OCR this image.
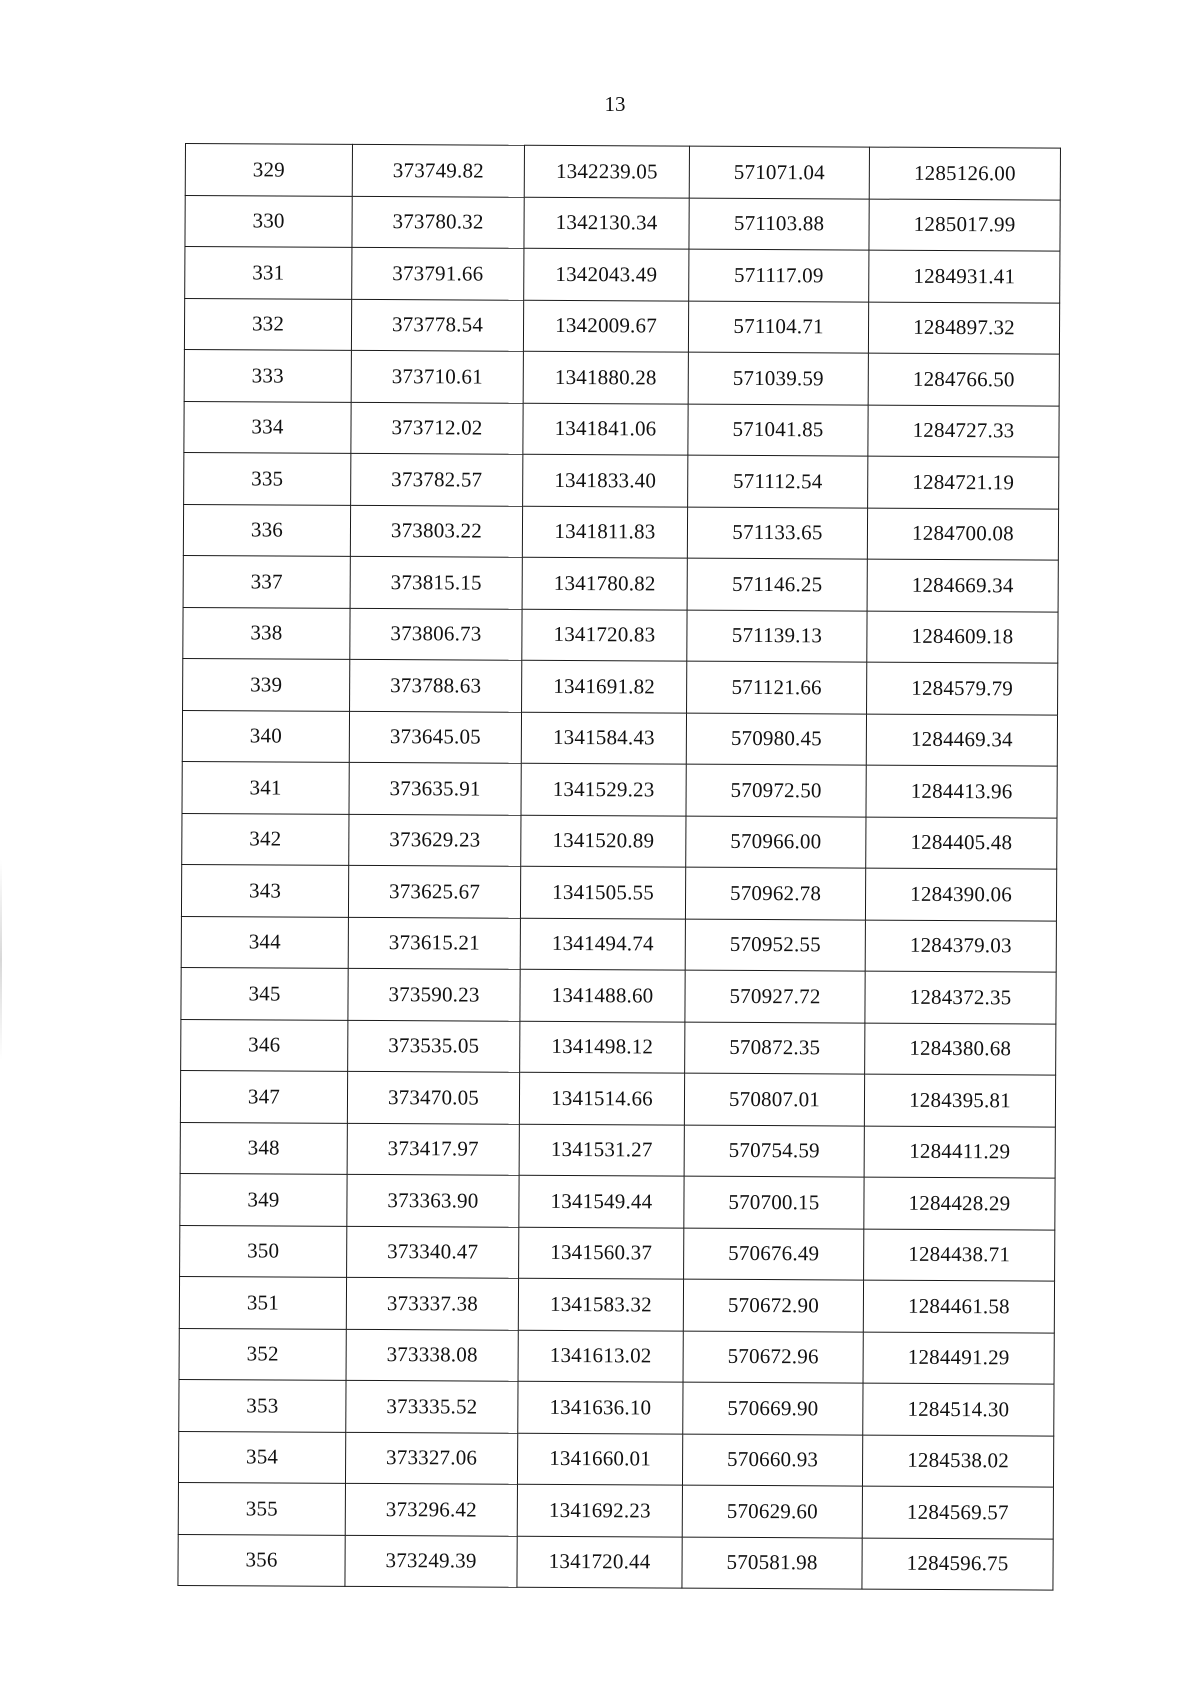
13
329	373749.82	1342239.05	571071.04	1285126.00
330	373780.32	1342130.34	571103.88	1285017.99
331	373791.66	1342043.49	571117.09	1284931.41
332	373778.54	1342009.67	571104.71	1284897.32
333	373710.61	1341880.28	571039.59	1284766.50
334	373712.02	1341841.06	571041.85	1284727.33
335	373782.57	1341833.40	571112.54	1284721.19
336	373803.22	1341811.83	571133.65	1284700.08
337	373815.15	1341780.82	571146.25	1284669.34
338	373806.73	1341720.83	571139.13	1284609.18
339	373788.63	1341691.82	571121.66	1284579.79
340	373645.05	1341584.43	570980.45	1284469.34
341	373635.91	1341529.23	570972.50	1284413.96
342	373629.23	1341520.89	570966.00	1284405.48
343	373625.67	1341505.55	570962.78	1284390.06
344	373615.21	1341494.74	570952.55	1284379.03
345	373590.23	1341488.60	570927.72	1284372.35
346	373535.05	1341498.12	570872.35	1284380.68
347	373470.05	1341514.66	570807.01	1284395.81
348	373417.97	1341531.27	570754.59	1284411.29
349	373363.90	1341549.44	570700.15	1284428.29
350	373340.47	1341560.37	570676.49	1284438.71
351	373337.38	1341583.32	570672.90	1284461.58
352	373338.08	1341613.02	570672.96	1284491.29
353	373335.52	1341636.10	570669.90	1284514.30
354	373327.06	1341660.01	570660.93	1284538.02
355	373296.42	1341692.23	570629.60	1284569.57
356	373249.39	1341720.44	570581.98	1284596.75
